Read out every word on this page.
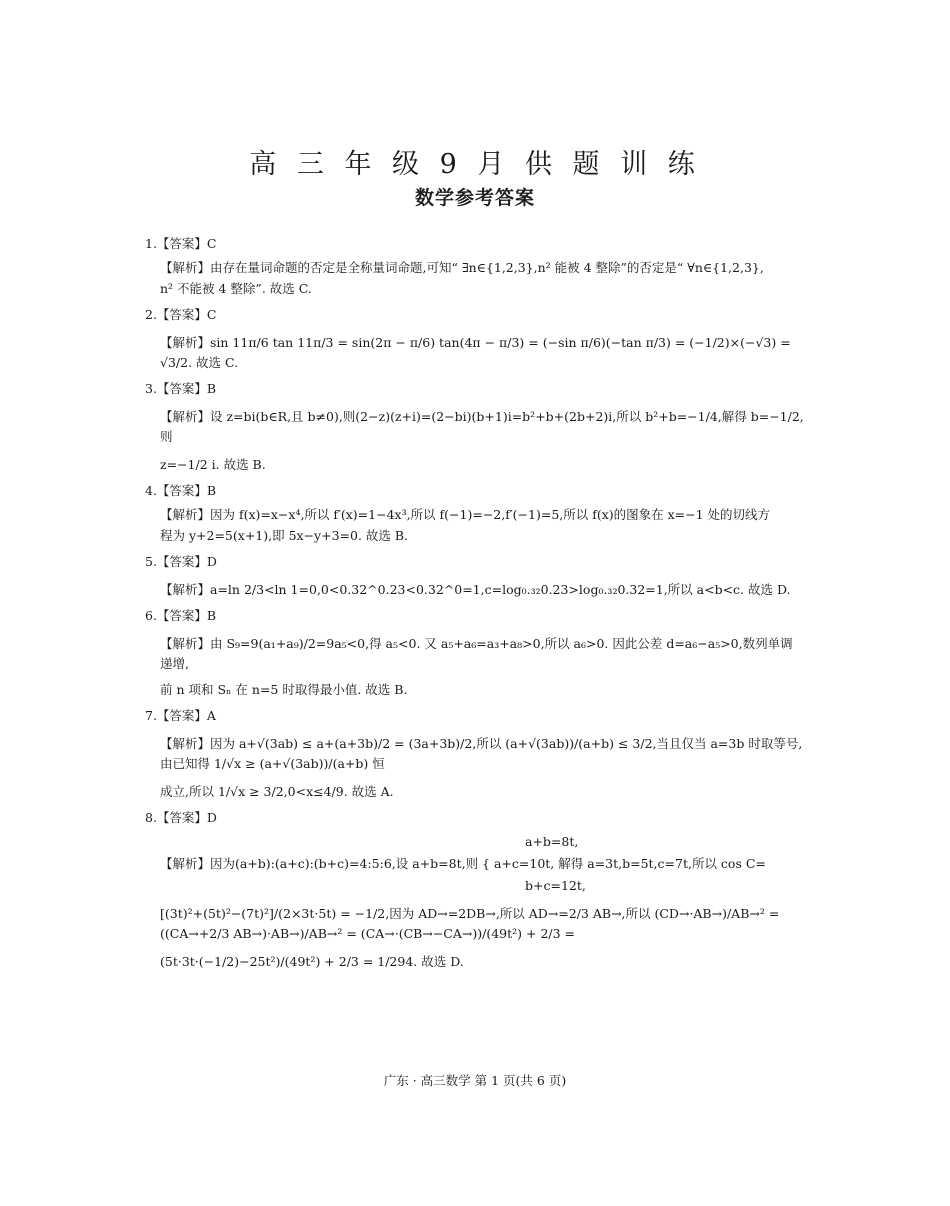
高 三 年 级 9 月 供 题 训 练
数学参考答案
1.【答案】C
【解析】由存在量词命题的否定是全称量词命题,可知“ ∃n∈{1,2,3},n² 能被 4 整除”的否定是“ ∀n∈{1,2,3},
n² 不能被 4 整除”. 故选 C.
2.【答案】C
【解析】sin 11π/6 tan 11π/3 = sin(2π − π/6) tan(4π − π/3) = (−sin π/6)(−tan π/3) = (−1/2)×(−√3) = √3/2. 故选 C.
3.【答案】B
【解析】设 z=bi(b∈R,且 b≠0),则(2−z)(z+i)=(2−bi)(b+1)i=b²+b+(2b+2)i,所以 b²+b=−1/4,解得 b=−1/2,则
z=−1/2 i. 故选 B.
4.【答案】B
【解析】因为 f(x)=x−x⁴,所以 f′(x)=1−4x³,所以 f(−1)=−2,f′(−1)=5,所以 f(x)的图象在 x=−1 处的切线方
程为 y+2=5(x+1),即 5x−y+3=0. 故选 B.
5.【答案】D
【解析】a=ln 2/3<ln 1=0,0<0.32^0.23<0.32^0=1,c=log₀.₃₂0.23>log₀.₃₂0.32=1,所以 a<b<c. 故选 D.
6.【答案】B
【解析】由 S₉=9(a₁+a₉)/2=9a₅<0,得 a₅<0. 又 a₅+a₆=a₃+a₈>0,所以 a₆>0. 因此公差 d=a₆−a₅>0,数列单调递增,
前 n 项和 Sₙ 在 n=5 时取得最小值. 故选 B.
7.【答案】A
【解析】因为 a+√(3ab) ≤ a+(a+3b)/2 = (3a+3b)/2,所以 (a+√(3ab))/(a+b) ≤ 3/2,当且仅当 a=3b 时取等号,由已知得 1/√x ≥ (a+√(3ab))/(a+b) 恒
成立,所以 1/√x ≥ 3/2,0<x≤4/9. 故选 A.
8.【答案】D
a+b=8t,
【解析】因为(a+b):(a+c):(b+c)=4:5:6,设 a+b=8t,则 { a+c=10t, 解得 a=3t,b=5t,c=7t,所以 cos C=
b+c=12t,
[(3t)²+(5t)²−(7t)²]/(2×3t·5t) = −1/2,因为 AD→=2DB→,所以 AD→=2/3 AB→,所以 (CD→·AB→)/AB→² = ((CA→+2/3 AB→)·AB→)/AB→² = (CA→·(CB→−CA→))/(49t²) + 2/3 =
(5t·3t·(−1/2)−25t²)/(49t²) + 2/3 = 1/294. 故选 D.
广东 · 高三数学 第 1 页(共 6 页)
